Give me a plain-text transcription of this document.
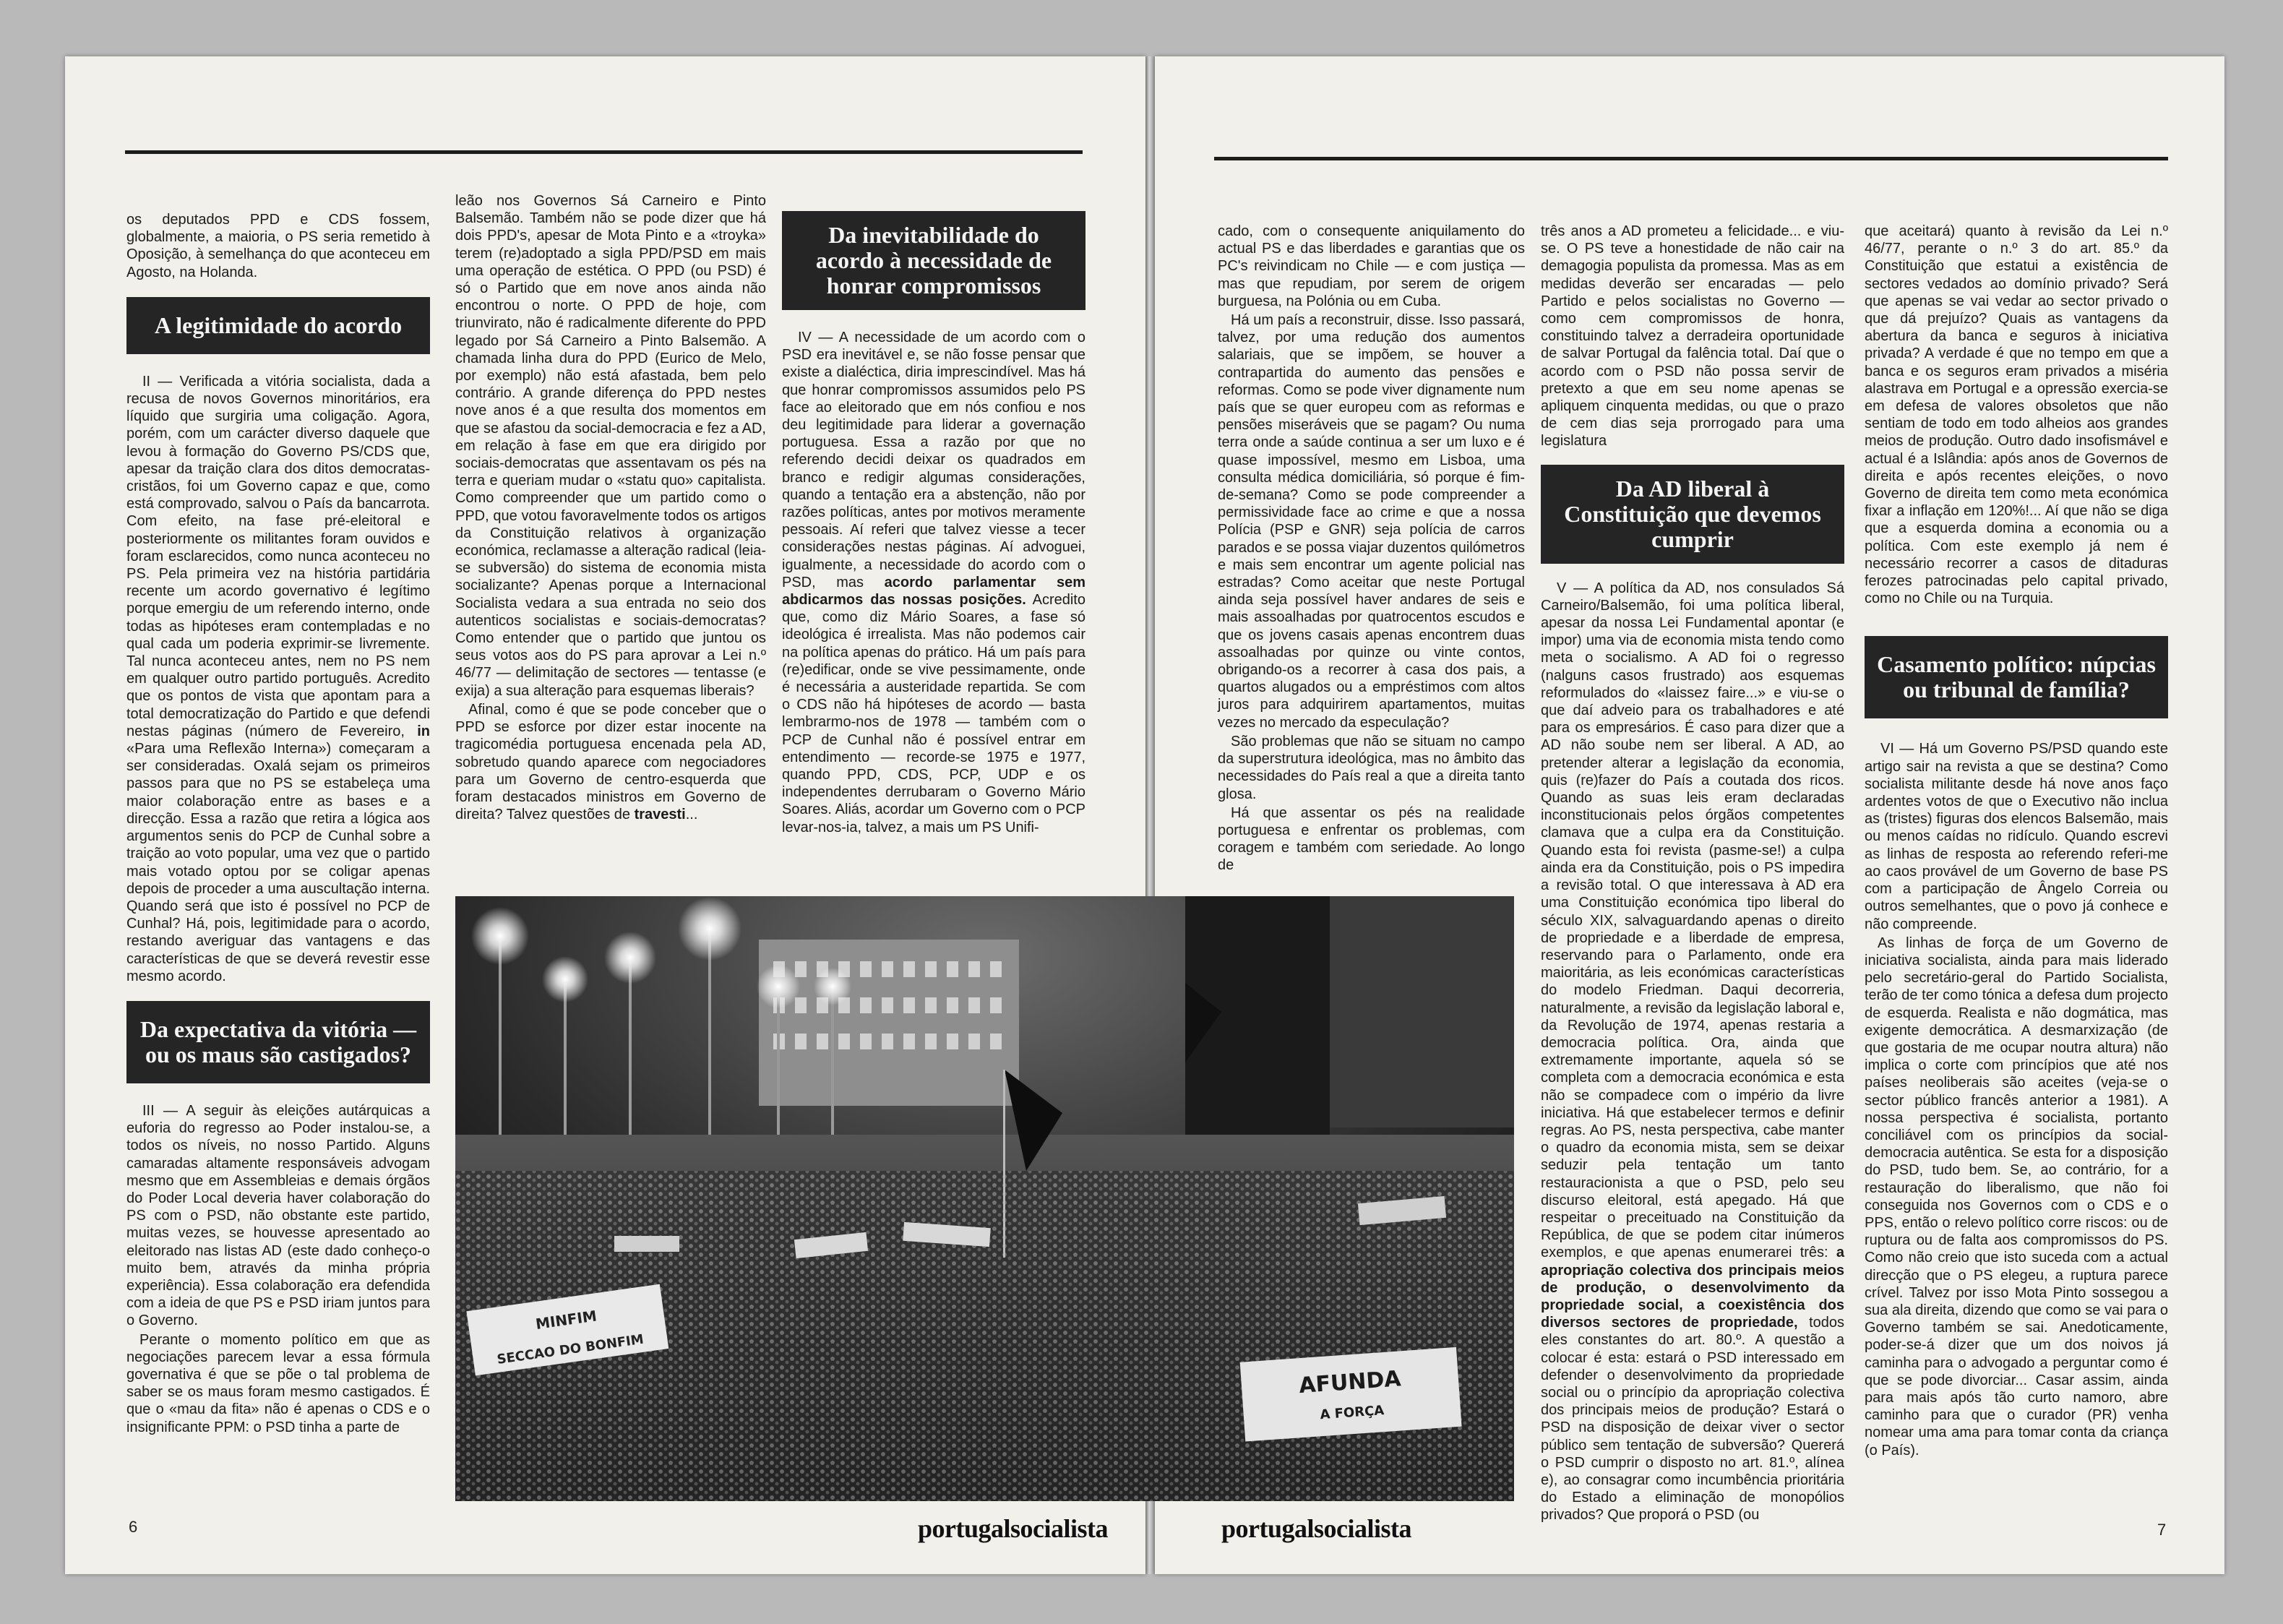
os deputados PPD e CDS fossem, globalmente, a maioria, o PS seria remetido à Oposição, à semelhança do que aconteceu em Agosto, na Holanda.

A legitimidade do acordo

II — Verificada a vitória socialista, dada a recusa de novos Governos minoritários, era líquido que surgiria uma coligação. Agora, porém, com um carácter diverso daquele que levou à formação do Governo PS/CDS que, apesar da traição clara dos ditos democratas-cristãos, foi um Governo capaz e que, como está comprovado, salvou o País da bancarrota. Com efeito, na fase pré-eleitoral e posteriormente os militantes foram ouvidos e foram esclarecidos, como nunca aconteceu no PS. Pela primeira vez na história partidária recente um acordo governativo é legítimo porque emergiu de um referendo interno, onde todas as hipóteses eram contempladas e no qual cada um poderia exprimir-se livremente. Tal nunca aconteceu antes, nem no PS nem em qualquer outro partido português. Acredito que os pontos de vista que apontam para a total democratização do Partido e que defendi nestas páginas (número de Fevereiro, in «Para uma Reflexão Interna») começaram a ser consideradas. Oxalá sejam os primeiros passos para que no PS se estabeleça uma maior colaboração entre as bases e a direcção. Essa a razão que retira a lógica aos argumentos senis do PCP de Cunhal sobre a traição ao voto popular, uma vez que o partido mais votado optou por se coligar apenas depois de proceder a uma auscultação interna. Quando será que isto é possível no PCP de Cunhal? Há, pois, legitimidade para o acordo, restando averiguar das vantagens e das características de que se deverá revestir esse mesmo acordo.

Da expectativa da vitória — ou os maus são castigados?

III — A seguir às eleições autárquicas a euforia do regresso ao Poder instalou-se, a todos os níveis, no nosso Partido. Alguns camaradas altamente responsáveis advogam mesmo que em Assembleias e demais órgãos do Poder Local deveria haver colaboração do PS com o PSD, não obstante este partido, muitas vezes, se houvesse apresentado ao eleitorado nas listas AD (este dado conheço-o muito bem, através da minha própria experiência). Essa colaboração era defendida com a ideia de que PS e PSD iriam juntos para o Governo.

Perante o momento político em que as negociações parecem levar a essa fórmula governativa é que se põe o tal problema de saber se os maus foram mesmo castigados. É que o «mau da fita» não é apenas o CDS e o insignificante PPM: o PSD tinha a parte de

leão nos Governos Sá Carneiro e Pinto Balsemão. Também não se pode dizer que há dois PPD's, apesar de Mota Pinto e a «troyka» terem (re)adoptado a sigla PPD/PSD em mais uma operação de estética. O PPD (ou PSD) é só o Partido que em nove anos ainda não encontrou o norte. O PPD de hoje, com triunvirato, não é radicalmente diferente do PPD legado por Sá Carneiro a Pinto Balsemão. A chamada linha dura do PPD (Eurico de Melo, por exemplo) não está afastada, bem pelo contrário. A grande diferença do PPD nestes nove anos é a que resulta dos momentos em que se afastou da social-democracia e fez a AD, em relação à fase em que era dirigido por sociais-democratas que assentavam os pés na terra e queriam mudar o «statu quo» capitalista. Como compreender que um partido como o PPD, que votou favoravelmente todos os artigos da Constituição relativos à organização económica, reclamasse a alteração radical (leia-se subversão) do sistema de economia mista socializante? Apenas porque a Internacional Socialista vedara a sua entrada no seio dos autenticos socialistas e sociais-democratas? Como entender que o partido que juntou os seus votos aos do PS para aprovar a Lei n.º 46/77 — delimitação de sectores — tentasse (e exija) a sua alteração para esquemas liberais?

Afinal, como é que se pode conceber que o PPD se esforce por dizer estar inocente na tragicomédia portuguesa encenada pela AD, sobretudo quando aparece com negociadores para um Governo de centro-esquerda que foram destacados ministros em Governo de direita? Talvez questões de travesti...

Da inevitabilidade do acordo à necessidade de honrar compromissos

IV — A necessidade de um acordo com o PSD era inevitável e, se não fosse pensar que existe a dialéctica, diria imprescindível. Mas há que honrar compromissos assumidos pelo PS face ao eleitorado que em nós confiou e nos deu legitimidade para liderar a governação portuguesa. Essa a razão por que no referendo decidi deixar os quadrados em branco e redigir algumas considerações, quando a tentação era a abstenção, não por razões políticas, antes por motivos meramente pessoais. Aí referi que talvez viesse a tecer considerações nestas páginas. Aí advoguei, igualmente, a necessidade do acordo com o PSD, mas acordo parlamentar sem abdicarmos das nossas posições. Acredito que, como diz Mário Soares, a fase só ideológica é irrealista. Mas não podemos cair na política apenas do prático. Há um país para (re)edificar, onde se vive pessimamente, onde é necessária a austeridade repartida. Se com o CDS não há hipóteses de acordo — basta lembrarmo-nos de 1978 — também com o PCP de Cunhal não é possível entrar em entendimento — recorde-se 1975 e 1977, quando PPD, CDS, PCP, UDP e os independentes derrubaram o Governo Mário Soares. Aliás, acordar um Governo com o PCP levar-nos-ia, talvez, a mais um PS Unifi-

6	portugalsocialista

cado, com o consequente aniquilamento do actual PS e das liberdades e garantias que os PC's reivindicam no Chile — e com justiça — mas que repudiam, por serem de origem burguesa, na Polónia ou em Cuba.

Há um país a reconstruir, disse. Isso passará, talvez, por uma redução dos aumentos salariais, que se impõem, se houver a contrapartida do aumento das pensões e reformas. Como se pode viver dignamente num país que se quer europeu com as reformas e pensões miseráveis que se pagam? Ou numa terra onde a saúde continua a ser um luxo e é quase impossível, mesmo em Lisboa, uma consulta médica domiciliária, só porque é fim-de-semana? Como se pode compreender a permissividade face ao crime e que a nossa Polícia (PSP e GNR) seja polícia de carros parados e se possa viajar duzentos quilómetros e mais sem encontrar um agente policial nas estradas? Como aceitar que neste Portugal ainda seja possível haver andares de seis e mais assoalhadas por quatrocentos escudos e que os jovens casais apenas encontrem duas assoalhadas por quinze ou vinte contos, obrigando-os a recorrer à casa dos pais, a quartos alugados ou a empréstimos com altos juros para adquirirem apartamentos, muitas vezes no mercado da especulação?

São problemas que não se situam no campo da superstrutura ideológica, mas no âmbito das necessidades do País real a que a direita tanto glosa.

Há que assentar os pés na realidade portuguesa e enfrentar os problemas, com coragem e também com seriedade. Ao longo de

três anos a AD prometeu a felicidade... e viu-se. O PS teve a honestidade de não cair na demagogia populista da promessa. Mas as em medidas deverão ser encaradas — pelo Partido e pelos socialistas no Governo — como cem compromissos de honra, constituindo talvez a derradeira oportunidade de salvar Portugal da falência total. Daí que o acordo com o PSD não possa servir de pretexto a que em seu nome apenas se apliquem cinquenta medidas, ou que o prazo de cem dias seja prorrogado para uma legislatura

Da AD liberal à Constituição que devemos cumprir

V — A política da AD, nos consulados Sá Carneiro/Balsemão, foi uma política liberal, apesar da nossa Lei Fundamental apontar (e impor) uma via de economia mista tendo como meta o socialismo. A AD foi o regresso (nalguns casos frustrado) aos esquemas reformulados do «laissez faire...» e viu-se o que daí adveio para os trabalhadores e até para os empresários. É caso para dizer que a AD não soube nem ser liberal. A AD, ao pretender alterar a legislação da economia, quis (re)fazer do País a coutada dos ricos. Quando as suas leis eram declaradas inconstitucionais pelos órgãos competentes clamava que a culpa era da Constituição. Quando esta foi revista (pasme-se!) a culpa ainda era da Constituição, pois o PS impedira a revisão total. O que interessava à AD era uma Constituição económica tipo liberal do século XIX, salvaguardando apenas o direito de propriedade e a liberdade de empresa, reservando para o Parlamento, onde era maioritária, as leis económicas características do modelo Friedman. Daqui decorreria, naturalmente, a revisão da legislação laboral e, da Revolução de 1974, apenas restaria a democracia política. Ora, ainda que extremamente importante, aquela só se completa com a democracia económica e esta não se compadece com o império da livre iniciativa. Há que estabelecer termos e definir regras. Ao PS, nesta perspectiva, cabe manter o quadro da economia mista, sem se deixar seduzir pela tentação um tanto restauracionista a que o PSD, pelo seu discurso eleitoral, está apegado. Há que respeitar o preceituado na Constituição da República, de que se podem citar inúmeros exemplos, e que apenas enumerarei três: a apropriação colectiva dos principais meios de produção, o desenvolvimento da propriedade social, a coexistência dos diversos sectores de propriedade, todos eles constantes do art. 80.º. A questão a colocar é esta: estará o PSD interessado em defender o desenvolvimento da propriedade social ou o princípio da apropriação colectiva dos principais meios de produção? Estará o PSD na disposição de deixar viver o sector público sem tentação de subversão? Quererá o PSD cumprir o disposto no art. 81.º, alínea e), ao consagrar como incumbência prioritária do Estado a eliminação de monopólios privados? Que proporá o PSD (ou

que aceitará) quanto à revisão da Lei n.º 46/77, perante o n.º 3 do art. 85.º da Constituição que estatui a existência de sectores vedados ao domínio privado? Será que apenas se vai vedar ao sector privado o que dá prejuízo? Quais as vantagens da abertura da banca e seguros à iniciativa privada? A verdade é que no tempo em que a banca e os seguros eram privados a miséria alastrava em Portugal e a opressão exercia-se em defesa de valores obsoletos que não sentiam de todo em todo alheios aos grandes meios de produção. Outro dado insofismável e actual é a Islândia: após anos de Governos de direita e após recentes eleições, o novo Governo de direita tem como meta económica fixar a inflação em 120%!... Aí que não se diga que a esquerda domina a economia ou a política. Com este exemplo já nem é necessário recorrer a casos de ditaduras ferozes patrocinadas pelo capital privado, como no Chile ou na Turquia.

Casamento político: núpcias ou tribunal de família?

VI — Há um Governo PS/PSD quando este artigo sair na revista a que se destina? Como socialista militante desde há nove anos faço ardentes votos de que o Executivo não inclua as (tristes) figuras dos elencos Balsemão, mais ou menos caídas no ridículo. Quando escrevi as linhas de resposta ao referendo referi-me ao caos provável de um Governo de base PS com a participação de Ângelo Correia ou outros semelhantes, que o povo já conhece e não compreende.

As linhas de força de um Governo de iniciativa socialista, ainda para mais liderado pelo secretário-geral do Partido Socialista, terão de ter como tónica a defesa dum projecto de esquerda. Realista e não dogmática, mas exigente democrática. A desmarxização (de que gostaria de me ocupar noutra altura) não implica o corte com princípios que até nos países neoliberais são aceites (veja-se o sector público francês anterior a 1981). A nossa perspectiva é socialista, portanto conciliável com os princípios da social-democracia autêntica. Se esta for a disposição do PSD, tudo bem. Se, ao contrário, for a restauração do liberalismo, que não foi conseguida nos Governos com o CDS e o PPS, então o relevo político corre riscos: ou de ruptura ou de falta aos compromissos do PS. Como não creio que isto suceda com a actual direcção que o PS elegeu, a ruptura parece crível. Talvez por isso Mota Pinto sossegou a sua ala direita, dizendo que como se vai para o Governo também se sai. Anedoticamente, poder-se-á dizer que um dos noivos já caminha para o advogado a perguntar como é que se pode divorciar... Casar assim, ainda para mais após tão curto namoro, abre caminho para que o curador (PR) venha nomear uma ama para tomar conta da criança (o País).

7
portugalsocialista
MINFIM
SECCAO DO BONFIM
AFUNDA
A FORÇA
